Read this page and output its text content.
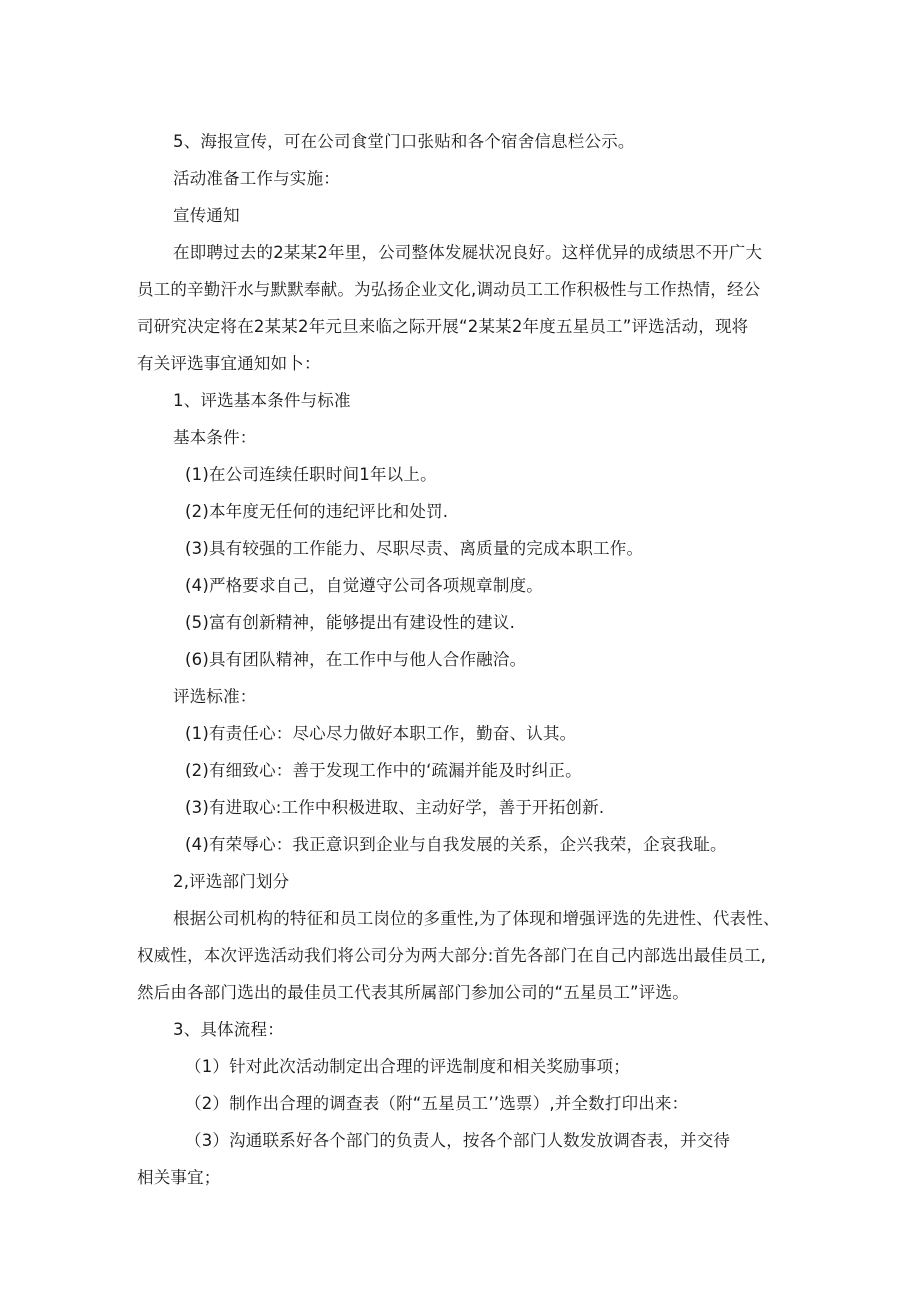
5、海报宣传，可在公司食堂门口张贴和各个宿舍信息栏公示。
活动准备工作与实施：
宣传通知
在即聘过去的2某某2年里，公司整体发屣状况良好。这样优异的成绩思不开广大
员工的辛勤汗水与默默奉献。为弘扬企业文化,调动员工工作积极性与工作热情，经公
司研究决定将在2某某2年元旦来临之际开展“2某某2年度五星员工”评选活动，现将
有关评选事宜通知如卜：
1、评选基本条件与标准
基本条件：
(1)在公司连续任职时间1年以上。
(2)本年度无任何的违纪评比和处罚.
(3)具有较强的工作能力、尽职尽责、离质量的完成本职工作。
(4)严格要求自己，自觉遵守公司各项规章制度。
(5)富有创新精神，能够提出有建设性的建议.
(6)具有团队精神，在工作中与他人合作融洽。
评选标准：
(1)有责任心：尽心尽力做好本职工作，勤奋、认其。
(2)有细致心：善于发现工作中的‘疏漏并能及时纠正。
(3)有进取心:工作中积极进取、主动好学，善于开拓创新.
(4)有荣辱心：我正意识到企业与自我发展的关系，企兴我荣，企哀我耻。
2,评选部门划分
根据公司机构的特征和员工岗位的多重性,为了体现和增强评选的先进性、代表性、
权威性，本次评选活动我们将公司分为两大部分:首先各部门在自己内部选出最佳员工,
然后由各部门选出的最佳员工代表其所属部门参加公司的“五星员工”评选。
3、具体流程：
（1）针对此次活动制定出合理的评选制度和相关奖励事项；
（2）制作出合理的调查表（附“五星员工’’选票）,并全数打印出来：
（3）沟通联系好各个部门的负责人，按各个部门人数发放调杳表，并交待
相关事宜；
